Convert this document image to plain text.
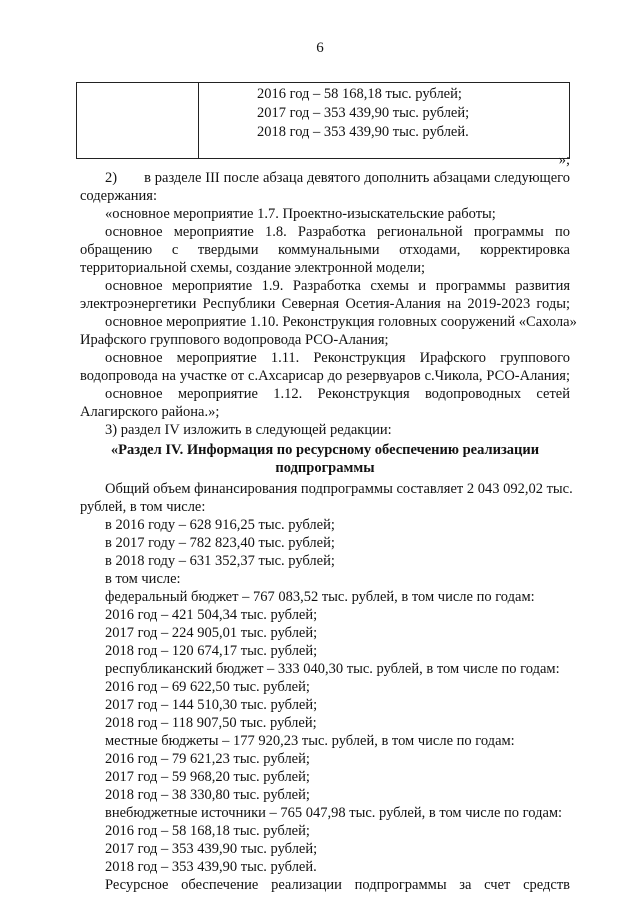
6

2016 год – 58 168,18 тыс. рублей;
2017 год – 353 439,90 тыс. рублей;
2018 год – 353 439,90 тыс. рублей.
»;
2)       в разделе III после абзаца девятого дополнить абзацами следующего
содержания:
«основное мероприятие 1.7. Проектно-изыскательские работы;
основное мероприятие 1.8. Разработка региональной программы по
обращению с твердыми коммунальными отходами, корректировка
территориальной схемы, создание электронной модели;
основное мероприятие 1.9. Разработка схемы и программы развития
электроэнергетики Республики Северная Осетия-Алания на 2019-2023 годы;
основное мероприятие 1.10. Реконструкция головных сооружений «Сахола»
Ирафского группового водопровода РСО-Алания;
основное мероприятие 1.11. Реконструкция Ирафского группового
водопровода на участке от с.Ахсарисар до резервуаров с.Чикола, РСО-Алания;
основное мероприятие 1.12. Реконструкция водопроводных сетей
Алагирского района.»;
3) раздел IV изложить в следующей редакции:
«Раздел IV. Информация по ресурсному обеспечению реализации
подпрограммы
Общий объем финансирования подпрограммы составляет 2 043 092,02 тыс.
рублей, в том числе:
в 2016 году – 628 916,25 тыс. рублей;
в 2017 году – 782 823,40 тыс. рублей;
в 2018 году – 631 352,37 тыс. рублей;
в том числе:
федеральный бюджет – 767 083,52 тыс. рублей, в том числе по годам:
2016 год – 421 504,34 тыс. рублей;
2017 год – 224 905,01 тыс. рублей;
2018 год – 120 674,17 тыс. рублей;
республиканский бюджет – 333 040,30 тыс. рублей, в том числе по годам:
2016 год – 69 622,50 тыс. рублей;
2017 год – 144 510,30 тыс. рублей;
2018 год – 118 907,50 тыс. рублей;
местные бюджеты – 177 920,23 тыс. рублей, в том числе по годам:
2016 год – 79 621,23 тыс. рублей;
2017 год – 59 968,20 тыс. рублей;
2018 год – 38 330,80 тыс. рублей;
внебюджетные источники – 765 047,98 тыс. рублей, в том числе по годам:
2016 год – 58 168,18 тыс. рублей;
2017 год – 353 439,90 тыс. рублей;
2018 год – 353 439,90 тыс. рублей.
Ресурсное обеспечение реализации подпрограммы за счет средств
